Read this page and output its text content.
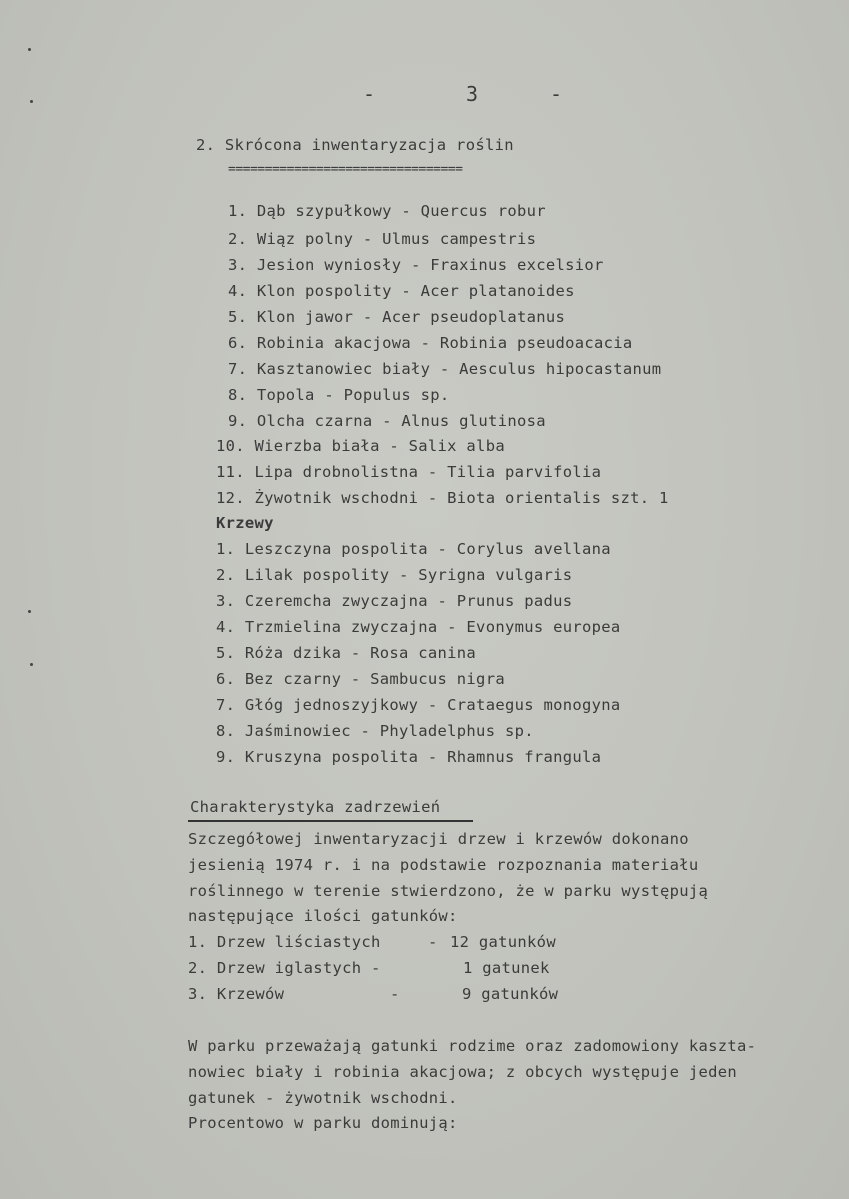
-	3	-
2. Skrócona inwentaryzacja roślin
================================
1. Dąb szypułkowy - Quercus robur
2. Wiąz polny - Ulmus campestris
3. Jesion wyniosły - Fraxinus excelsior
4. Klon pospolity - Acer platanoides
5. Klon jawor - Acer pseudoplatanus
6. Robinia akacjowa - Robinia pseudoacacia
7. Kasztanowiec biały - Aesculus hipocastanum
8. Topola - Populus sp.
9. Olcha czarna - Alnus glutinosa
10. Wierzba biała - Salix alba
11. Lipa drobnolistna - Tilia parvifolia
12. Żywotnik wschodni - Biota orientalis szt. 1
Krzewy
1. Leszczyna pospolita - Corylus avellana
2. Lilak pospolity - Syrigna vulgaris
3. Czeremcha zwyczajna - Prunus padus
4. Trzmielina zwyczajna - Evonymus europea
5. Róża dzika - Rosa canina
6. Bez czarny - Sambucus nigra
7. Głóg jednoszyjkowy - Crataegus monogyna
8. Jaśminowiec - Phyladelphus sp.
9. Kruszyna pospolita - Rhamnus frangula
Charakterystyka zadrzewień
Szczegółowej inwentaryzacji drzew i krzewów dokonano
jesienią 1974 r. i na podstawie rozpoznania materiału
roślinnego w terenie stwierdzono, że w parku występują
następujące ilości gatunków:
1. Drzew liściastych	- 12 gatunków
2. Drzew iglastych -	1 gatunek
3. Krzewów	-	9 gatunków
W parku przeważają gatunki rodzime oraz zadomowiony kaszta-
nowiec biały i robinia akacjowa; z obcych występuje jeden
gatunek - żywotnik wschodni.
Procentowo w parku dominują:
